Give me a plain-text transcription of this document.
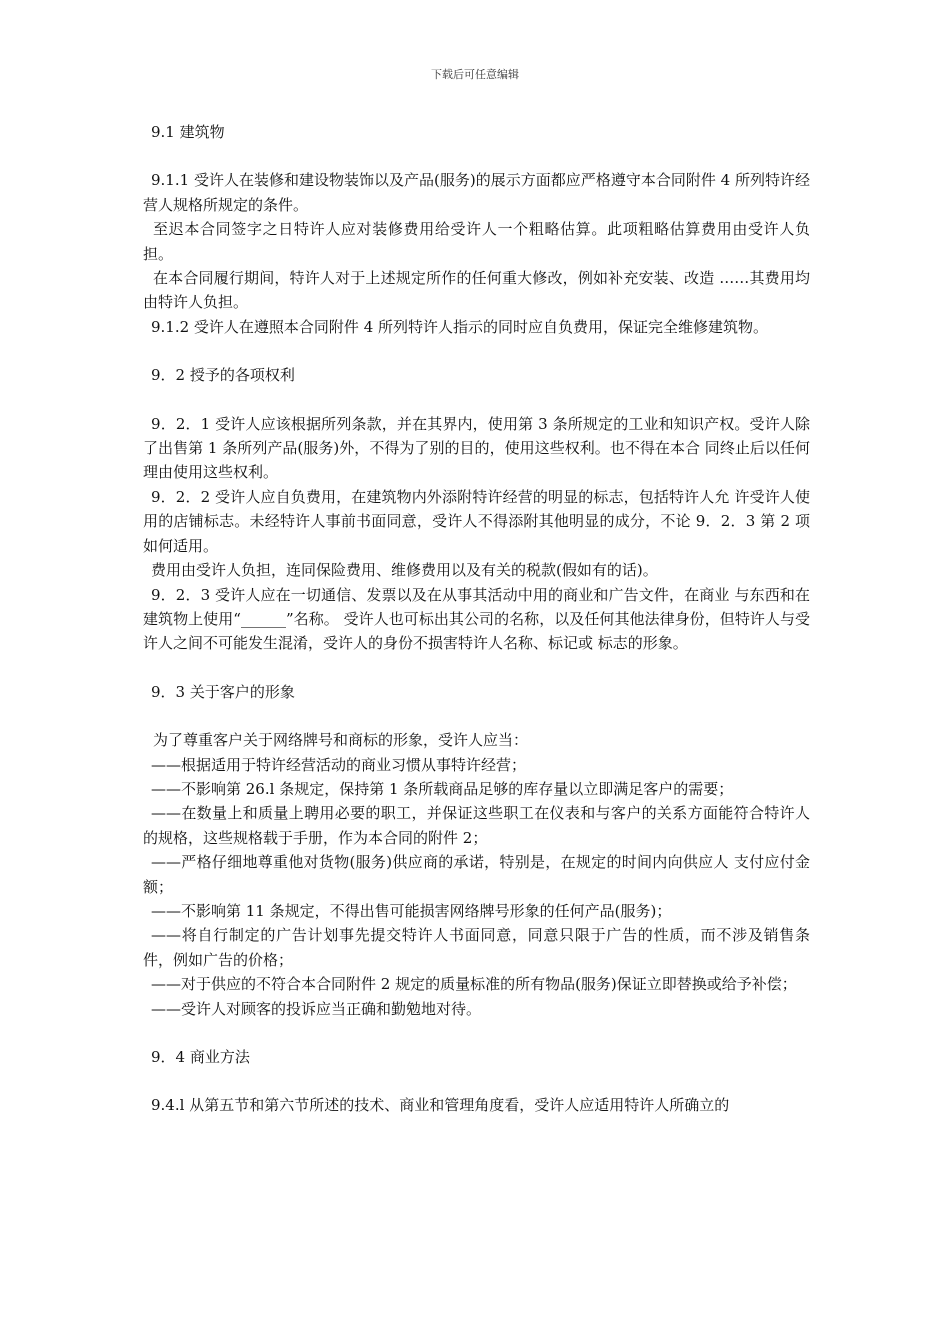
下载后可任意编辑

9.1 建筑物

9.1.1 受许人在装修和建设物装饰以及产品(服务)的展示方面都应严格遵守本合同附件 4 所列特许经营人规格所规定的条件。

至迟本合同签字之日特许人应对装修费用给受许人一个粗略估算。此项粗略估算费用由受许人负担。

在本合同履行期间，特许人对于上述规定所作的任何重大修改，例如补充安装、改造 ……其费用均由特许人负担。

9.1.2 受许人在遵照本合同附件 4 所列特许人指示的同时应自负费用，保证完全维修建筑物。

9．2 授予的各项权利

9．2．1 受许人应该根据所列条款，并在其界内，使用第 3 条所规定的工业和知识产权。受许人除了出售第 1 条所列产品(服务)外，不得为了别的目的，使用这些权利。也不得在本合 同终止后以任何理由使用这些权利。

9．2．2 受许人应自负费用，在建筑物内外添附特许经营的明显的标志，包括特许人允 许受许人使用的店铺标志。未经特许人事前书面同意，受许人不得添附其他明显的成分，不论 9．2．3 第 2 项如何适用。

费用由受许人负担，连同保险费用、维修费用以及有关的税款(假如有的话)。

9．2．3 受许人应在一切通信、发票以及在从事其活动中用的商业和广告文件，在商业 与东西和在建筑物上使用“______”名称。 受许人也可标出其公司的名称，以及任何其他法律身份，但特许人与受许人之间不可能发生混淆，受许人的身份不损害特许人名称、标记或 标志的形象。

9．3 关于客户的形象

为了尊重客户关于网络牌号和商标的形象，受许人应当：

——根据适用于特许经营活动的商业习惯从事特许经营；

——不影响第 26.l 条规定，保持第 1 条所载商品足够的库存量以立即满足客户的需要；

——在数量上和质量上聘用必要的职工，并保证这些职工在仪表和与客户的关系方面能符合特许人的规格，这些规格载于手册，作为本合同的附件 2；

——严格仔细地尊重他对货物(服务)供应商的承诺，特别是，在规定的时间内向供应人 支付应付金额；

——不影响第 11 条规定，不得出售可能损害网络牌号形象的任何产品(服务)；

——将自行制定的广告计划事先提交特许人书面同意，同意只限于广告的性质，而不涉及销售条件，例如广告的价格；

——对于供应的不符合本合同附件 2 规定的质量标准的所有物品(服务)保证立即替换或给予补偿；

——受许人对顾客的投诉应当正确和勤勉地对待。

9．4 商业方法

9.4.l 从第五节和第六节所述的技术、商业和管理角度看，受许人应适用特许人所确立的
